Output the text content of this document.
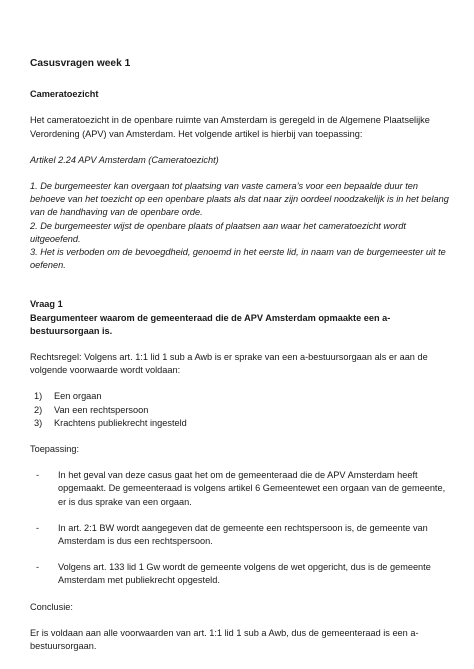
Casusvragen week 1
Cameratoezicht

Het cameratoezicht in de openbare ruimte van Amsterdam is geregeld in de Algemene Plaatselijke Verordening (APV) van Amsterdam. Het volgende artikel is hierbij van toepassing:

Artikel 2.24 APV Amsterdam (Cameratoezicht)

1. De burgemeester kan overgaan tot plaatsing van vaste camera’s voor een bepaalde duur ten behoeve van het toezicht op een openbare plaats als dat naar zijn oordeel noodzakelijk is in het belang van de handhaving van de openbare orde.

2. De burgemeester wijst de openbare plaats of plaatsen aan waar het cameratoezicht wordt uitgeoefend.

3. Het is verboden om de bevoegdheid, genoemd in het eerste lid, in naam van de burgemeester uit te oefenen.

Vraag 1
Beargumenteer waarom de gemeenteraad die de APV Amsterdam opmaakte een a-bestuursorgaan is.

Rechtsregel: Volgens art. 1:1 lid 1 sub a Awb is er sprake van een a-bestuursorgaan als er aan de volgende voorwaarde wordt voldaan:

1)	Een orgaan
2)	Van een rechtspersoon
3)	Krachtens publiekrecht ingesteld

Toepassing:

-	In het geval van deze casus gaat het om de gemeenteraad die de APV Amsterdam heeft opgemaakt. De gemeenteraad is volgens artikel 6 Gemeentewet een orgaan van de gemeente, er is dus sprake van een orgaan.
-	In art. 2:1 BW wordt aangegeven dat de gemeente een rechtspersoon is, de gemeente van Amsterdam is dus een rechtspersoon.
-	Volgens art. 133 lid 1 Gw wordt de gemeente volgens de wet opgericht, dus is de gemeente Amsterdam met publiekrecht opgesteld.

Conclusie:

Er is voldaan aan alle voorwaarden van art. 1:1 lid 1 sub a Awb, dus de gemeenteraad is een a-bestuursorgaan.
